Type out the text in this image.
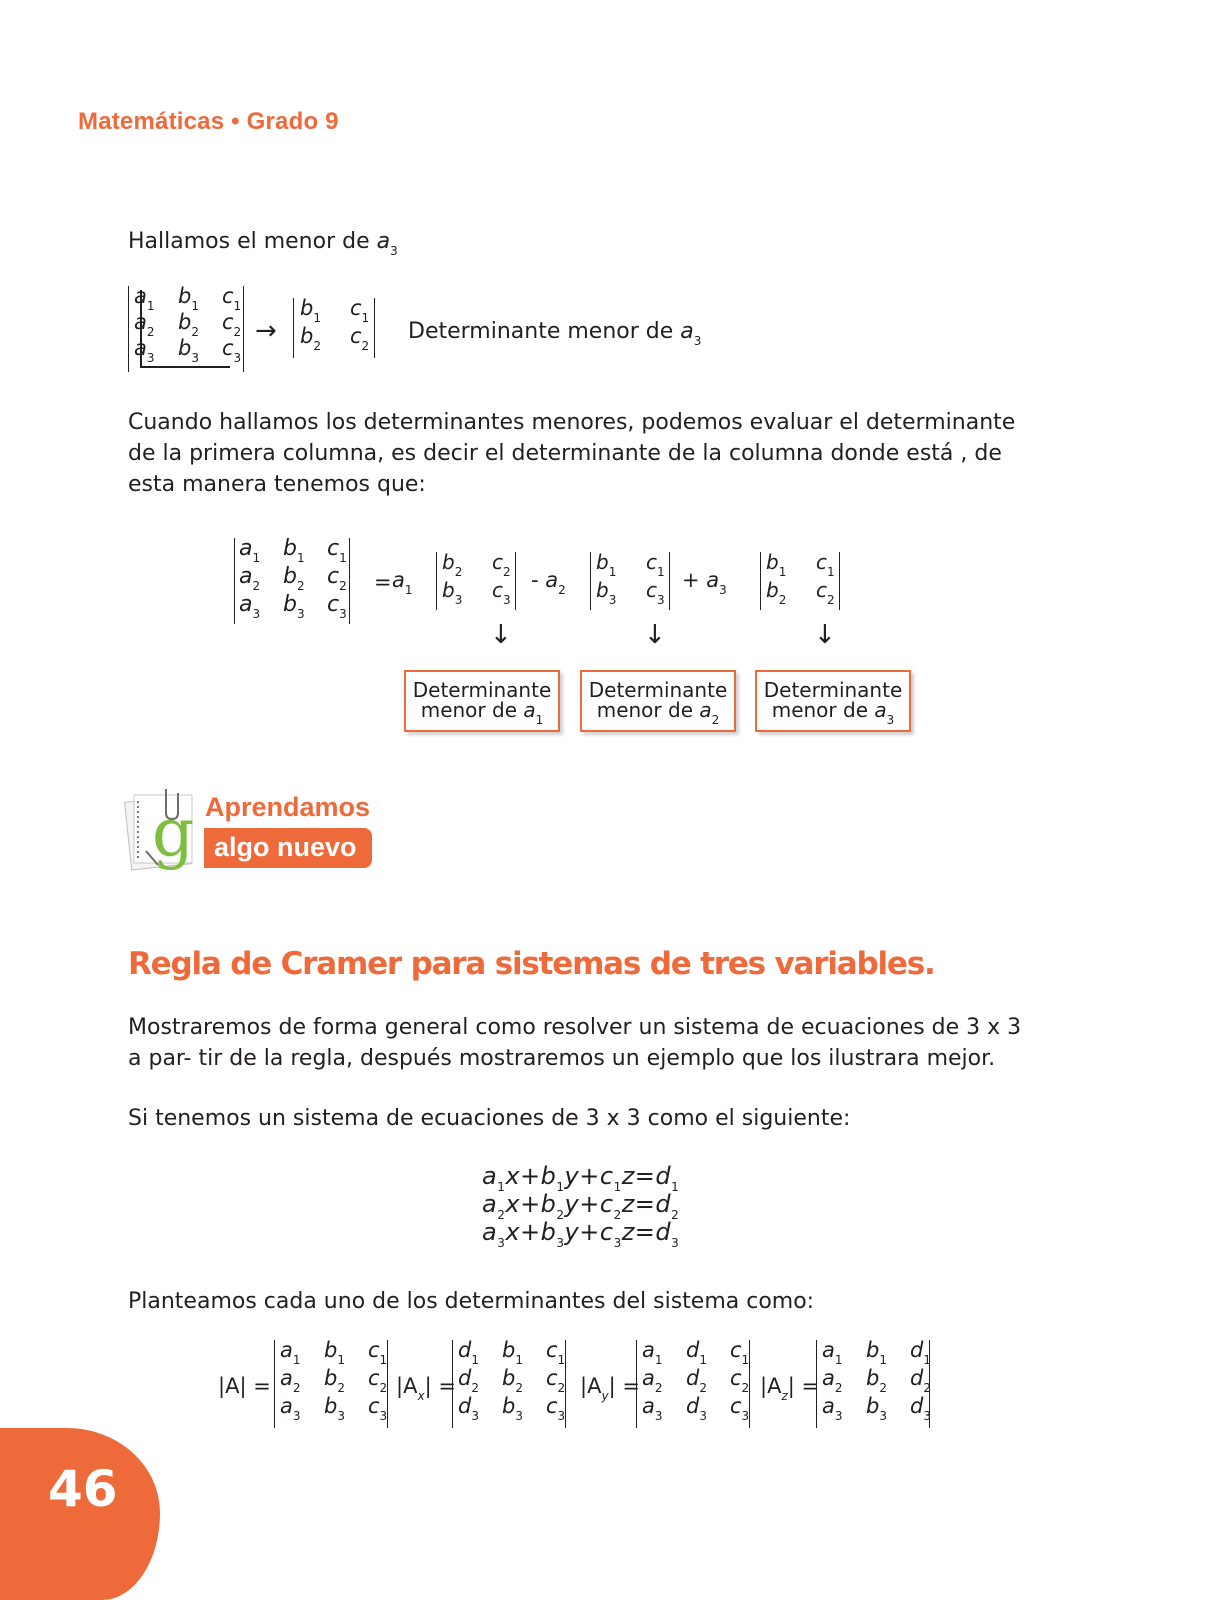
Matemáticas • Grado 9
Hallamos el menor de $a_3$
$a_1$ $b_1$ $c_1$
$a_2$ $b_2$ $c_2$
$a_3$ $b_3$ $c_3$
→
$b_1$ $c_1$
$b_2$ $c_2$
Determinante menor de $a_3$
Cuando hallamos los determinantes menores, podemos evaluar el determinante de la primera columna, es decir el determinante de la columna donde está , de esta manera tenemos que:
$a_1$ $b_1$ $c_1$
$a_2$ $b_2$ $c_2$
$a_3$ $b_3$ $c_3$
= $a_1$
$b_2$ $c_2$
$b_3$ $c_3$
↓
- $a_2$
$b_1$ $c_1$
$b_3$ $c_3$
↓
+ $a_3$
$b_1$ $c_1$
$b_2$ $c_2$
↓
Determinante
menor de $a_1$
Determinante
menor de $a_2$
Determinante
menor de $a_3$
g Aprendamos
algo nuevo
Regla de Cramer para sistemas de tres variables.
Mostraremos de forma general como resolver un sistema de ecuaciones de 3 x 3 a par- tir de la regla, después mostraremos un ejemplo que los ilustrara mejor.
Si tenemos un sistema de ecuaciones de 3 x 3 como el siguiente:
$a_1x+b_1y+c_1z=d_1$
$a_2x+b_2y+c_2z=d_2$
$a_3x+b_3y+c_3z=d_3$
Planteamos cada uno de los determinantes del sistema como:
|A| =
$a_1$ $b_1$ $c_1$
$a_2$ $b_2$ $c_2$
$a_3$ $b_3$ $c_3$
$|A_x|$ =
$d_1$ $b_1$ $c_1$
$d_2$ $b_2$ $c_2$
$d_3$ $b_3$ $c_3$
$|A_y|$ =
$a_1$ $d_1$ $c_1$
$a_2$ $d_2$ $c_2$
$a_3$ $d_3$ $c_3$
$|A_z|$ =
$a_1$ $b_1$ $d_1$
$a_2$ $b_2$ $d_2$
$a_3$ $b_3$ $d_3$
46
